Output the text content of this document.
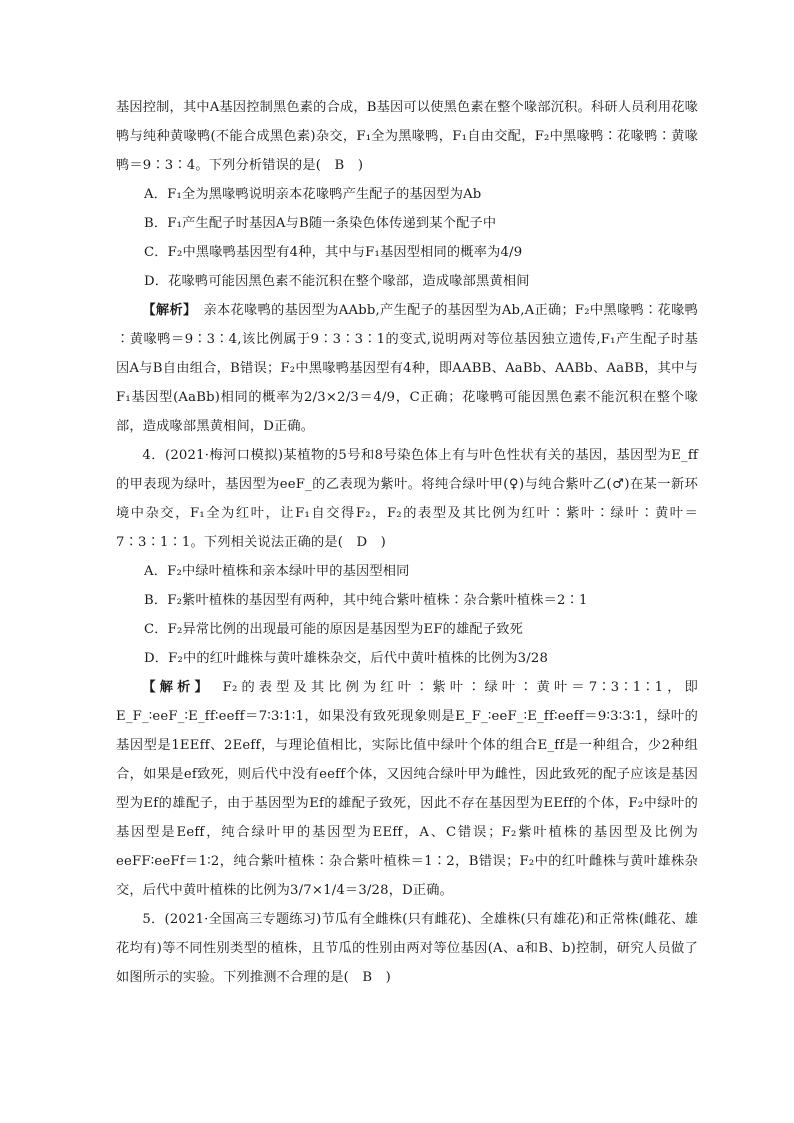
基因控制，其中A基因控制黑色素的合成，B基因可以使黑色素在整个喙部沉积。科研人员利用花喙鸭与纯种黄喙鸭(不能合成黑色素)杂交，F₁全为黑喙鸭，F₁自由交配，F₂中黑喙鸭∶花喙鸭∶黄喙鸭＝9∶3∶4。下列分析错误的是(　B　)
A．F₁全为黑喙鸭说明亲本花喙鸭产生配子的基因型为Ab
B．F₁产生配子时基因A与B随一条染色体传递到某个配子中
C．F₂中黑喙鸭基因型有4种，其中与F₁基因型相同的概率为4/9
D．花喙鸭可能因黑色素不能沉积在整个喙部，造成喙部黑黄相间
【解析】　亲本花喙鸭的基因型为AAbb,产生配子的基因型为Ab,A正确；F₂中黑喙鸭∶花喙鸭∶黄喙鸭＝9∶3∶4,该比例属于9∶3∶3∶1的变式,说明两对等位基因独立遗传,F₁产生配子时基因A与B自由组合，B错误；F₂中黑喙鸭基因型有4种，即AABB、AaBb、AABb、AaBB，其中与F₁基因型(AaBb)相同的概率为2/3×2/3＝4/9，C正确；花喙鸭可能因黑色素不能沉积在整个喙部，造成喙部黑黄相间，D正确。
4．(2021·梅河口模拟)某植物的5号和8号染色体上有与叶色性状有关的基因，基因型为E_ff的甲表现为绿叶，基因型为eeF_的乙表现为紫叶。将纯合绿叶甲(♀)与纯合紫叶乙(♂)在某一新环境中杂交，F₁全为红叶，让F₁自交得F₂，F₂的表型及其比例为红叶∶紫叶∶绿叶∶黄叶＝7∶3∶1∶1。下列相关说法正确的是(　D　)
A．F₂中绿叶植株和亲本绿叶甲的基因型相同
B．F₂紫叶植株的基因型有两种，其中纯合紫叶植株∶杂合紫叶植株＝2∶1
C．F₂异常比例的出现最可能的原因是基因型为EF的雄配子致死
D．F₂中的红叶雌株与黄叶雄株杂交，后代中黄叶植株的比例为3/28
【解析】　F₂的表型及其比例为红叶∶紫叶∶绿叶∶黄叶＝7∶3∶1∶1，即E_F_∶eeF_∶E_ff∶eeff＝7∶3∶1∶1，如果没有致死现象则是E_F_∶eeF_∶E_ff∶eeff＝9∶3∶3∶1，绿叶的基因型是1EEff、2Eeff，与理论值相比，实际比值中绿叶个体的组合E_ff是一种组合，少2种组合，如果是ef致死，则后代中没有eeff个体，又因纯合绿叶甲为雌性，因此致死的配子应该是基因型为Ef的雄配子，由于基因型为Ef的雄配子致死，因此不存在基因型为EEff的个体，F₂中绿叶的基因型是Eeff，纯合绿叶甲的基因型为EEff，A、C错误；F₂紫叶植株的基因型及比例为eeFF∶eeFf＝1∶2，纯合紫叶植株∶杂合紫叶植株＝1∶2，B错误；F₂中的红叶雌株与黄叶雄株杂交，后代中黄叶植株的比例为3/7×1/4＝3/28，D正确。
5．(2021·全国高三专题练习)节瓜有全雌株(只有雌花)、全雄株(只有雄花)和正常株(雌花、雄花均有)等不同性别类型的植株，且节瓜的性别由两对等位基因(A、a和B、b)控制，研究人员做了如图所示的实验。下列推测不合理的是(　B　)
